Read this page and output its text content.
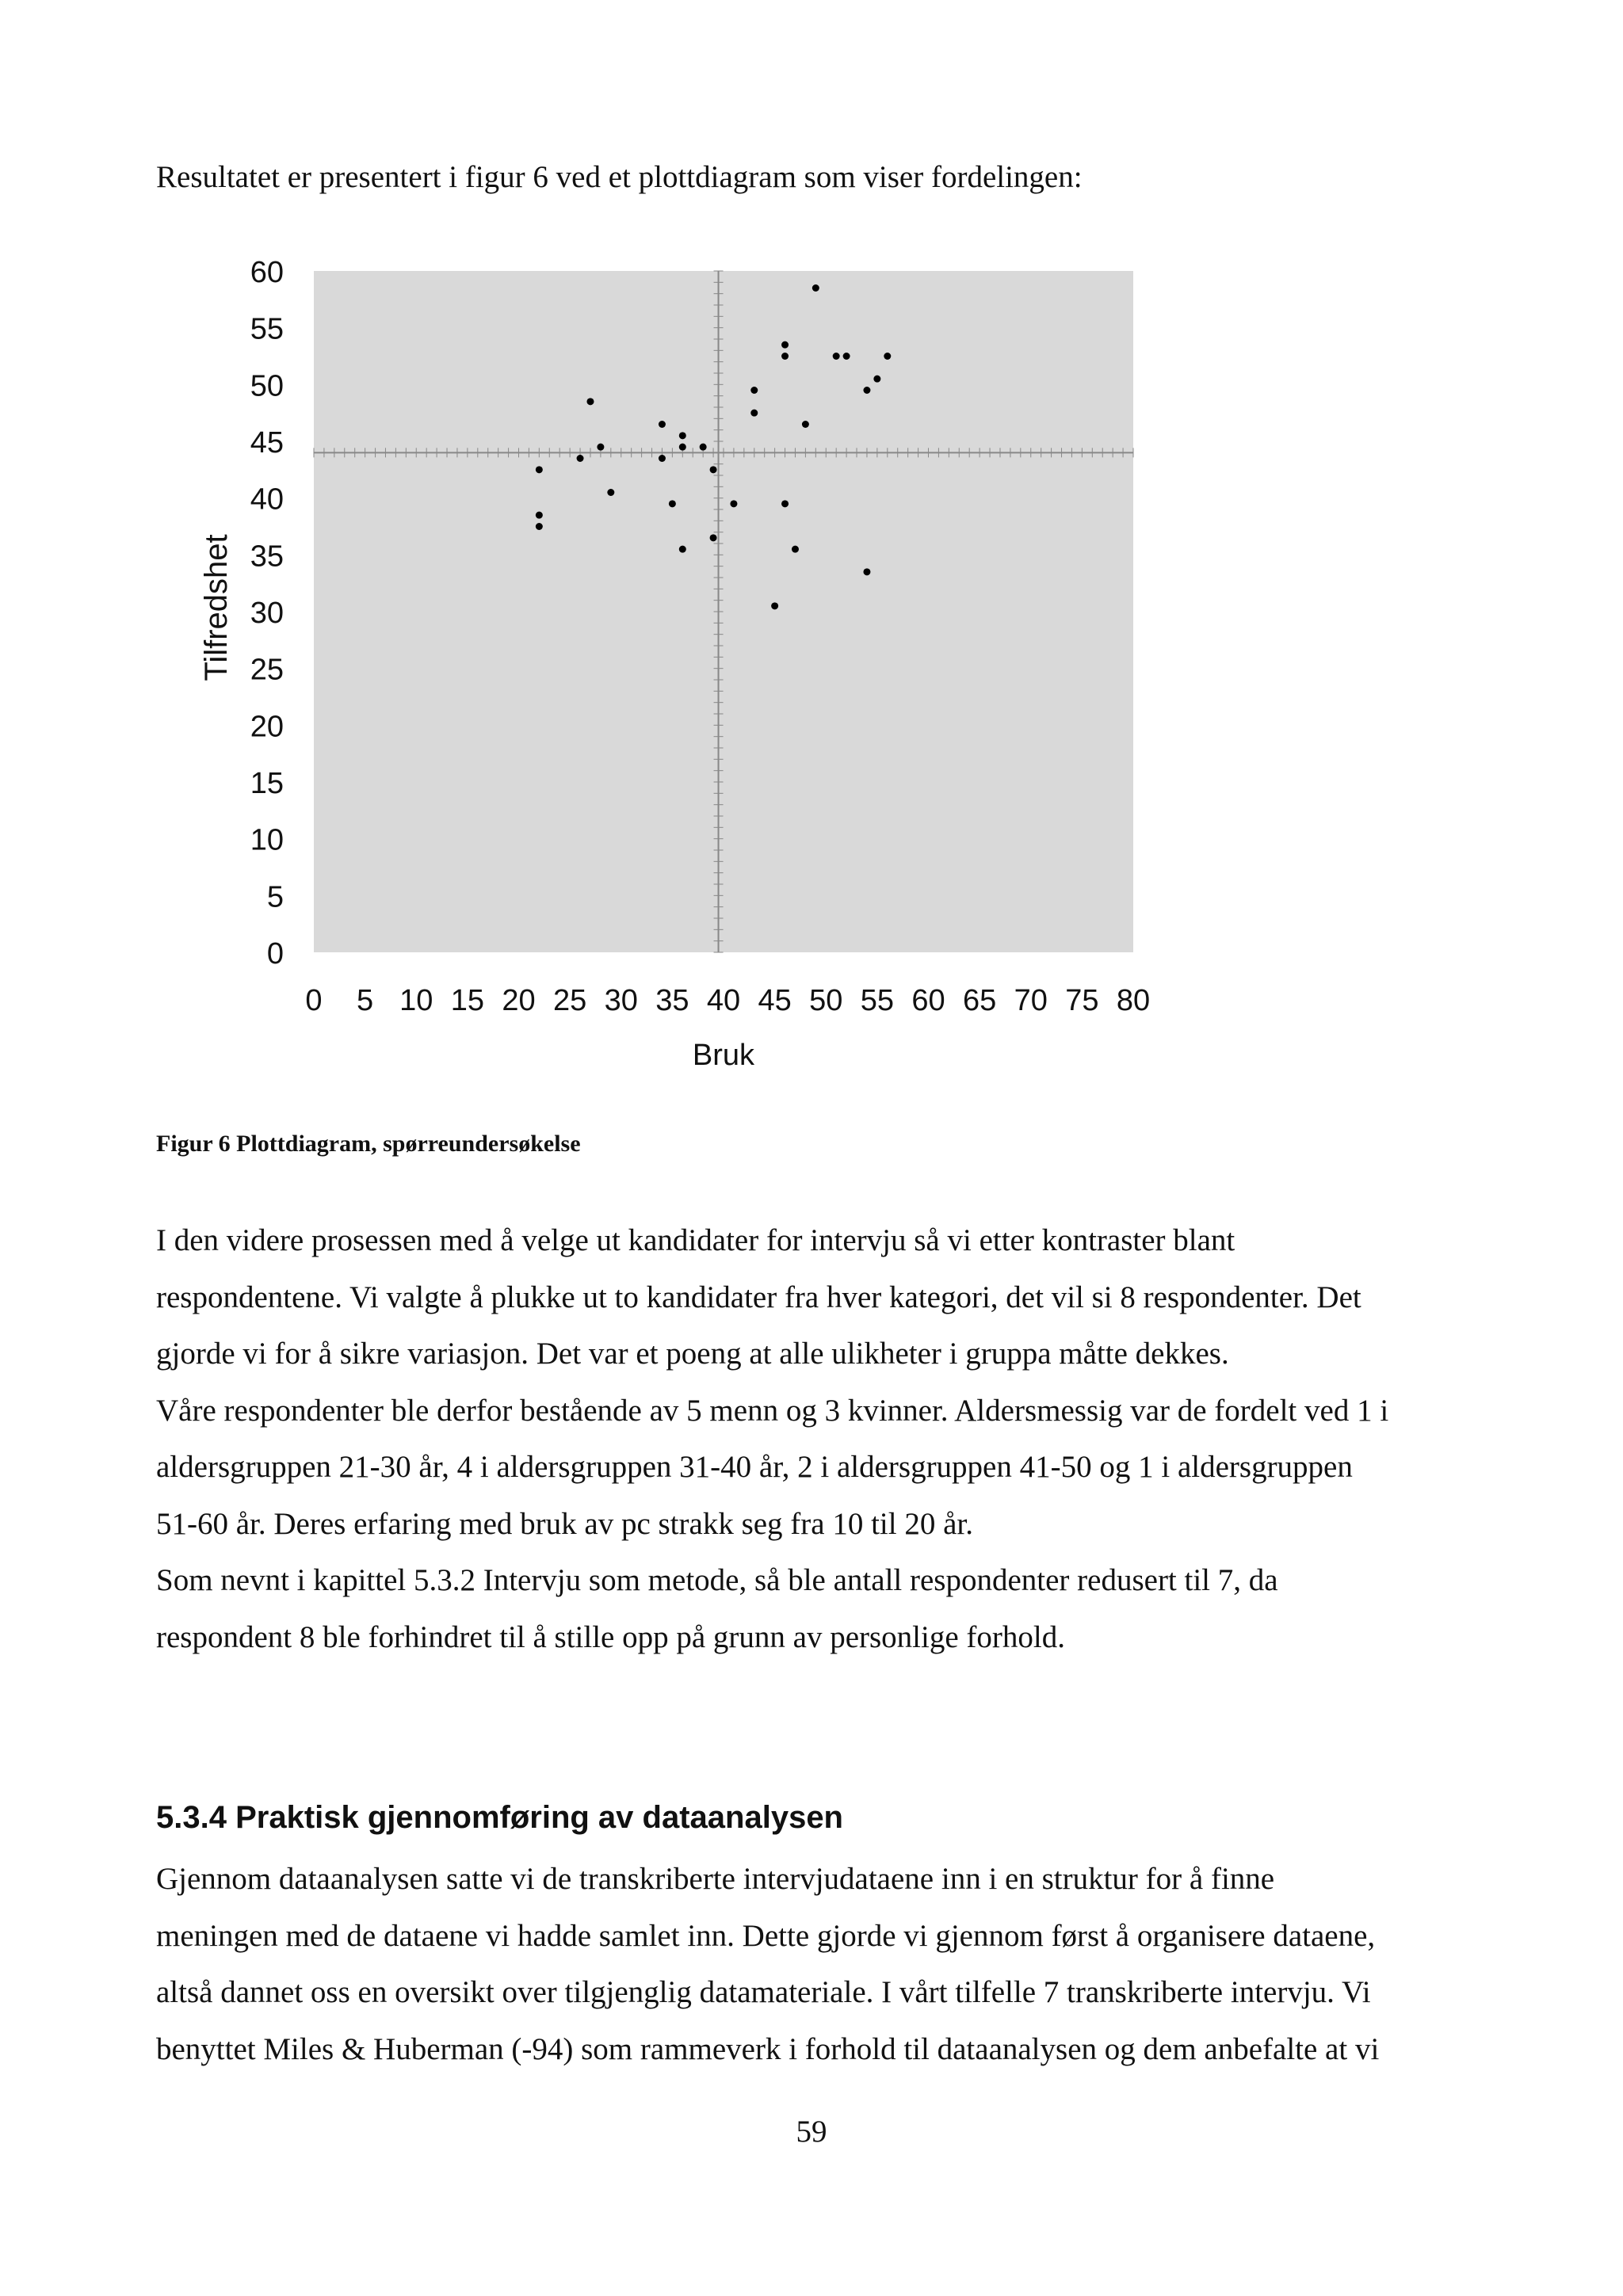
Resultatet er presentert i figur 6 ved et plottdiagram som viser fordelingen:
0
5
10
15
20
25
30
35
40
45
50
55
60
0 5 10 15 20 25 30 35 40 45 50 55 60 65 70 75 80
Bruk
Tilfredshet
Figur 6 Plottdiagram, spørreundersøkelse

I den videre prosessen med å velge ut kandidater for intervju så vi etter kontraster blant

respondentene. Vi valgte å plukke ut to kandidater fra hver kategori, det vil si 8 respondenter. Det

gjorde vi for å sikre variasjon. Det var et poeng at alle ulikheter i gruppa måtte dekkes.

Våre respondenter ble derfor bestående av 5 menn og 3 kvinner. Aldersmessig var de fordelt ved 1 i

aldersgruppen 21-30 år, 4 i aldersgruppen 31-40 år, 2 i aldersgruppen 41-50 og 1 i aldersgruppen

51-60 år. Deres erfaring med bruk av pc strakk seg fra 10 til 20 år.

Som nevnt i kapittel 5.3.2 Intervju som metode, så ble antall respondenter redusert til 7, da

respondent 8 ble forhindret til å stille opp på grunn av personlige forhold.

5.3.4 Praktisk gjennomføring av dataanalysen

Gjennom dataanalysen satte vi de transkriberte intervjudataene inn i en struktur for å finne

meningen med de dataene vi hadde samlet inn. Dette gjorde vi gjennom først å organisere dataene,

altså dannet oss en oversikt over tilgjenglig datamateriale. I vårt tilfelle 7 transkriberte intervju. Vi

benyttet Miles & Huberman (-94) som rammeverk i forhold til dataanalysen og dem anbefalte at vi

59
